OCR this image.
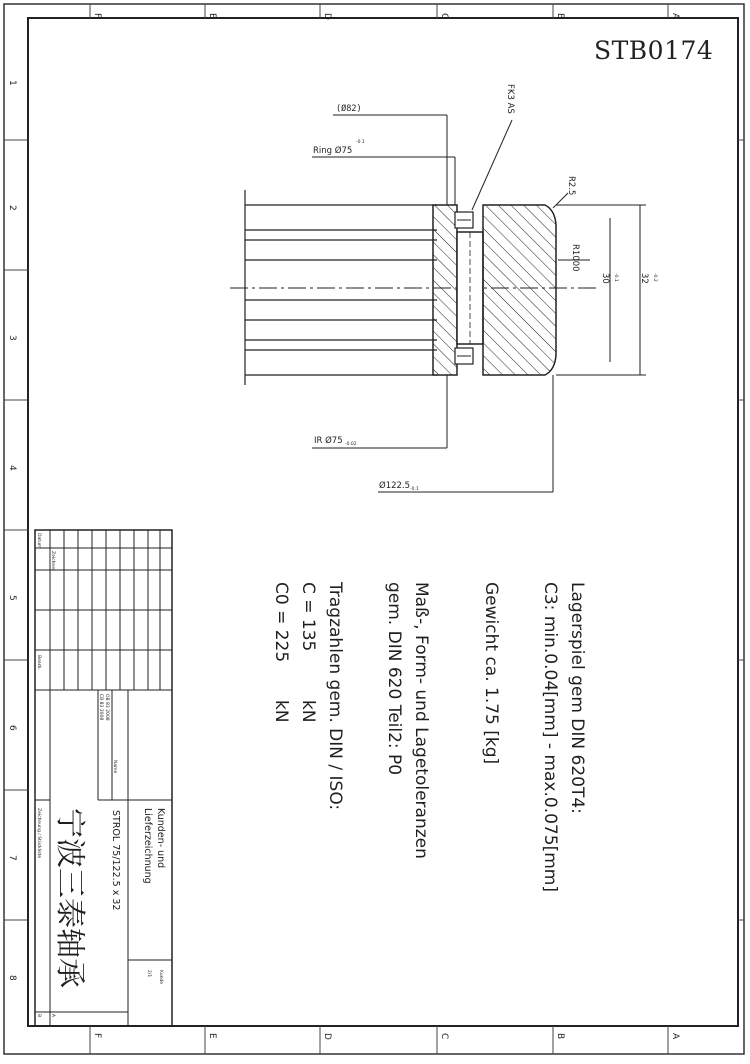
STB0174
F	E	D	C	B	A
F	E	D	C	B	A
1
2
3
4
5
6
7
8
(Ø82)
Ring Ø75
-0.1
FK3 AS
R2.5
R1000
30 -0.1 32 -0.2
IR Ø75 -0.02
Ø122.5 -0.1
Lagerspiel gem DIN 620T4:
C3: min.0.04[mm] - max.0.075[mm]
Gewicht ca. 1.75 [kg]
Maß-, Form- und Lagetoleranzen
gem. DIN 620 Teil2: P0
Tragzahlen gem. DIN / ISO:
C = 135
kN
C0 = 225
kN
Datum
Zeichner
Bearb.
CB 83 2008 OB 83 2008
Name
Kunden- und
Lieferzeichnung
STROL 75/122.5 x 32
宁波三泰轴承	Kunde
2/1
Zeichnung / Stückliste
A
B
